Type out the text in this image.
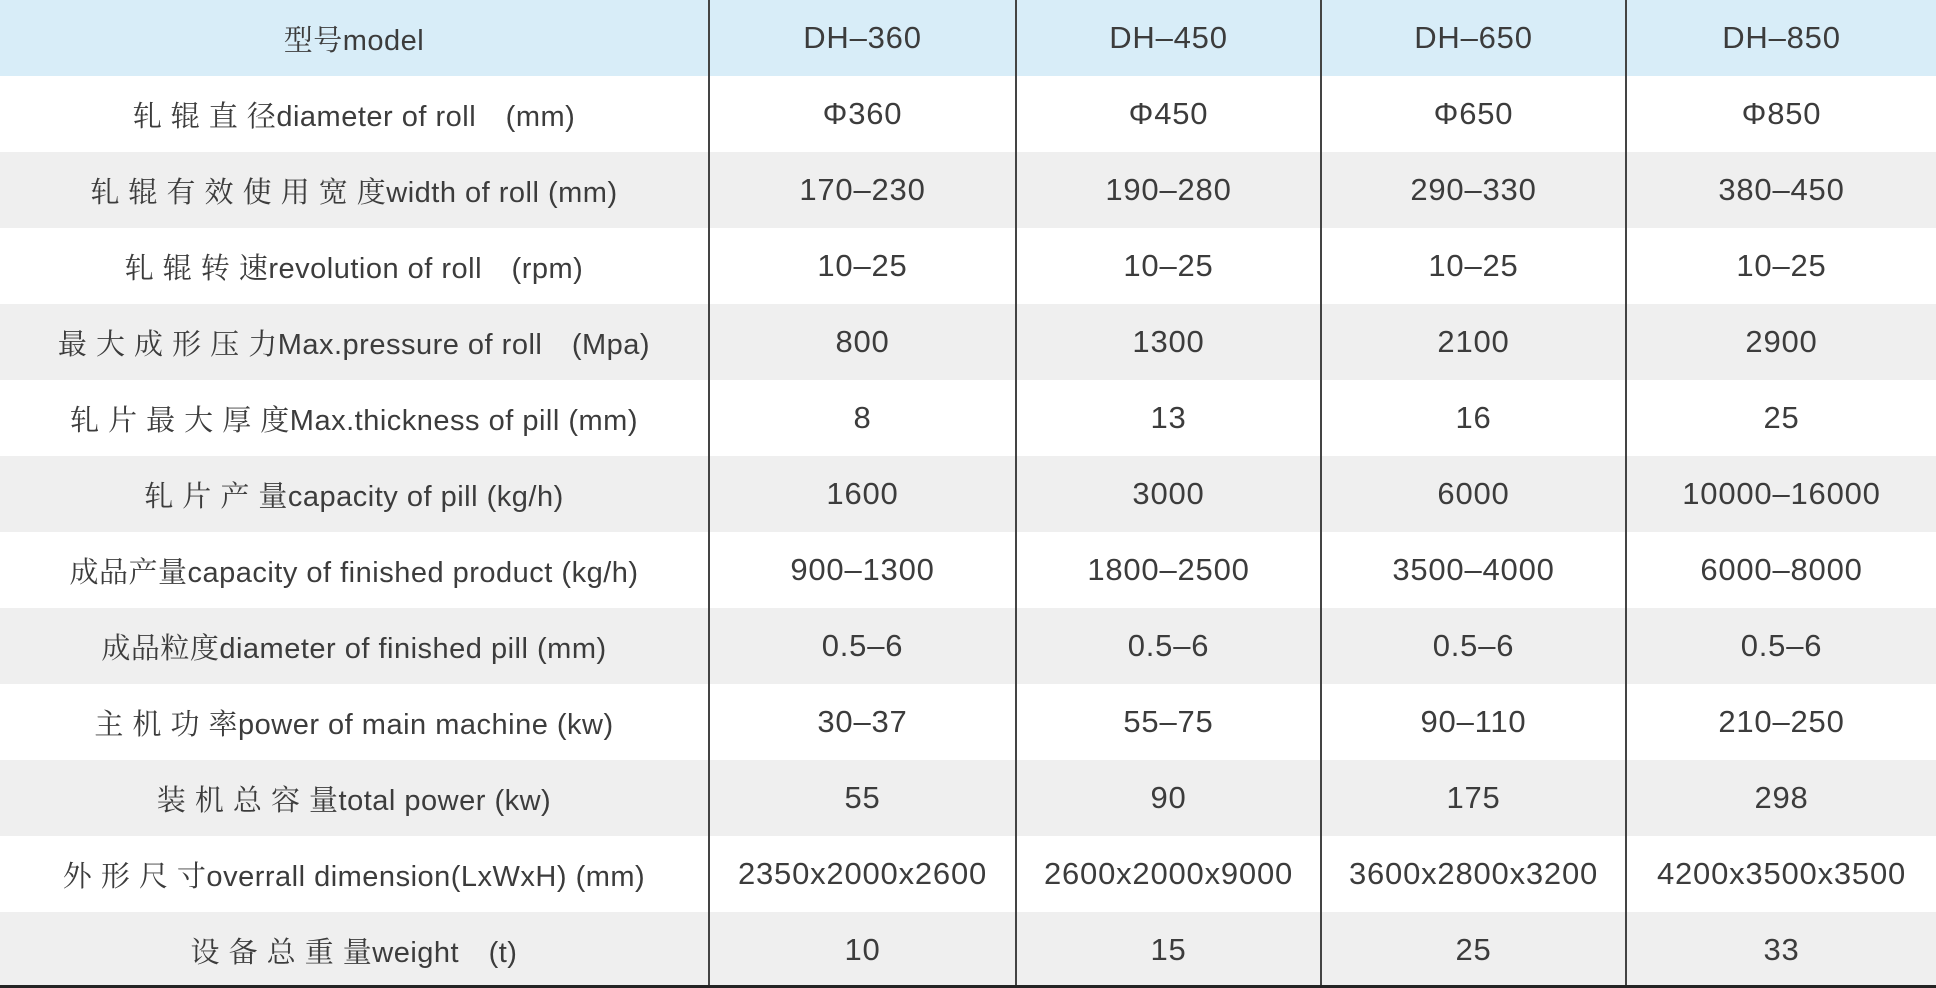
型号model	DH–360	DH–450	DH–650	DH–850
轧 辊 直 径diameter of roll　(mm)	Φ360	Φ450	Φ650	Φ850
轧 辊 有 效 使 用 宽 度width of roll (mm)	170–230	190–280	290–330	380–450
轧 辊 转 速revolution of roll　(rpm)	10–25	10–25	10–25	10–25
最 大 成 形 压 力Max.pressure of roll　(Mpa)	800	1300	2100	2900
轧 片 最 大 厚 度Max.thickness of pill (mm)	8	13	16	25
轧 片 产 量capacity of pill (kg/h)	1600	3000	6000	10000–16000
成品产量capacity of finished product (kg/h)	900–1300	1800–2500	3500–4000	6000–8000
成品粒度diameter of finished pill (mm)	0.5–6	0.5–6	0.5–6	0.5–6
主 机 功 率power of main machine (kw)	30–37	55–75	90–110	210–250
装 机 总 容 量total power (kw)	55	90	175	298
外 形 尺 寸overrall dimension(LxWxH) (mm)	2350x2000x2600	2600x2000x9000	3600x2800x3200	4200x3500x3500
设 备 总 重 量weight　(t)	10	15	25	33
